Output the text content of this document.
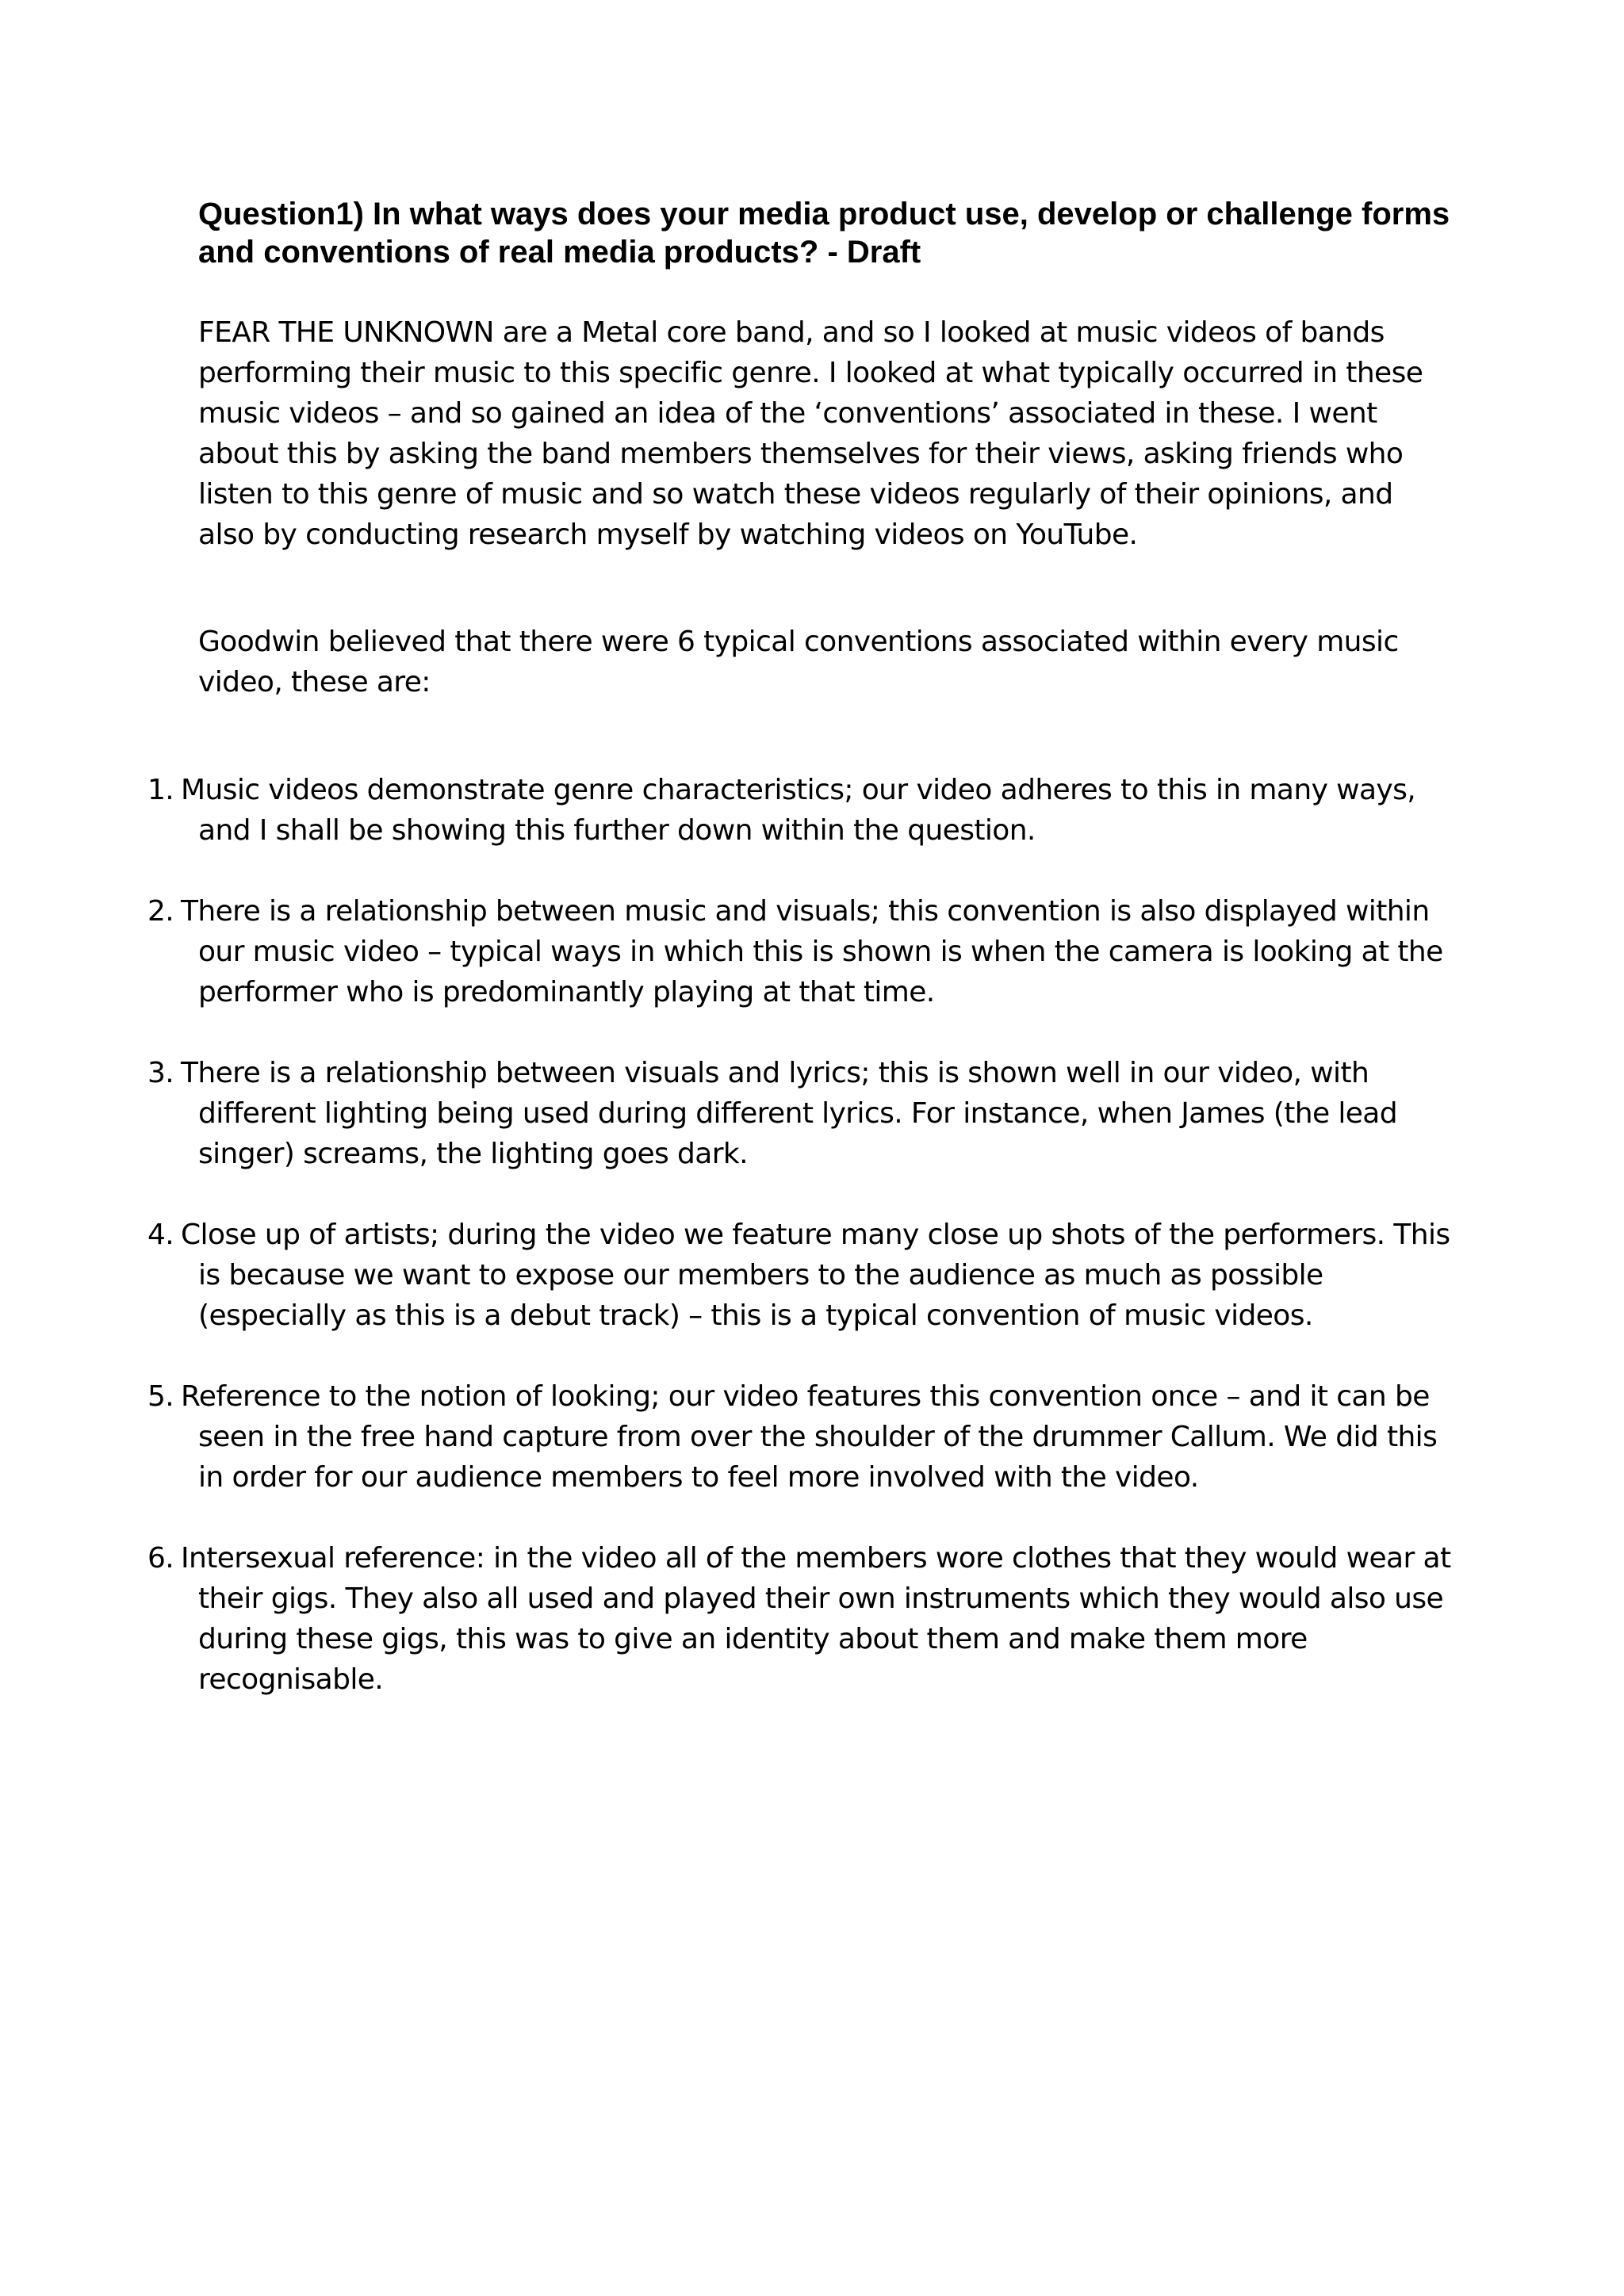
Question1) In what ways does your media product use, develop or challenge forms and conventions of real media products? - Draft

FEAR THE UNKNOWN are a Metal core band, and so I looked at music videos of bands performing their music to this specific genre. I looked at what typically occurred in these music videos – and so gained an idea of the ‘conventions’ associated in these. I went about this by asking the band members themselves for their views, asking friends who listen to this genre of music and so watch these videos regularly of their opinions, and also by conducting research myself by watching videos on YouTube.

Goodwin believed that there were 6 typical conventions associated within every music video, these are:

1. Music videos demonstrate genre characteristics; our video adheres to this in many ways, and I shall be showing this further down within the question.
2. There is a relationship between music and visuals; this convention is also displayed within our music video – typical ways in which this is shown is when the camera is looking at the performer who is predominantly playing at that time.
3. There is a relationship between visuals and lyrics; this is shown well in our video, with different lighting being used during different lyrics. For instance, when James (the lead singer) screams, the lighting goes dark.
4. Close up of artists; during the video we feature many close up shots of the performers. This is because we want to expose our members to the audience as much as possible (especially as this is a debut track) – this is a typical convention of music videos.
5. Reference to the notion of looking; our video features this convention once – and it can be seen in the free hand capture from over the shoulder of the drummer Callum. We did this in order for our audience members to feel more involved with the video.
6. Intersexual reference: in the video all of the members wore clothes that they would wear at their gigs. They also all used and played their own instruments which they would also use during these gigs, this was to give an identity about them and make them more recognisable.
